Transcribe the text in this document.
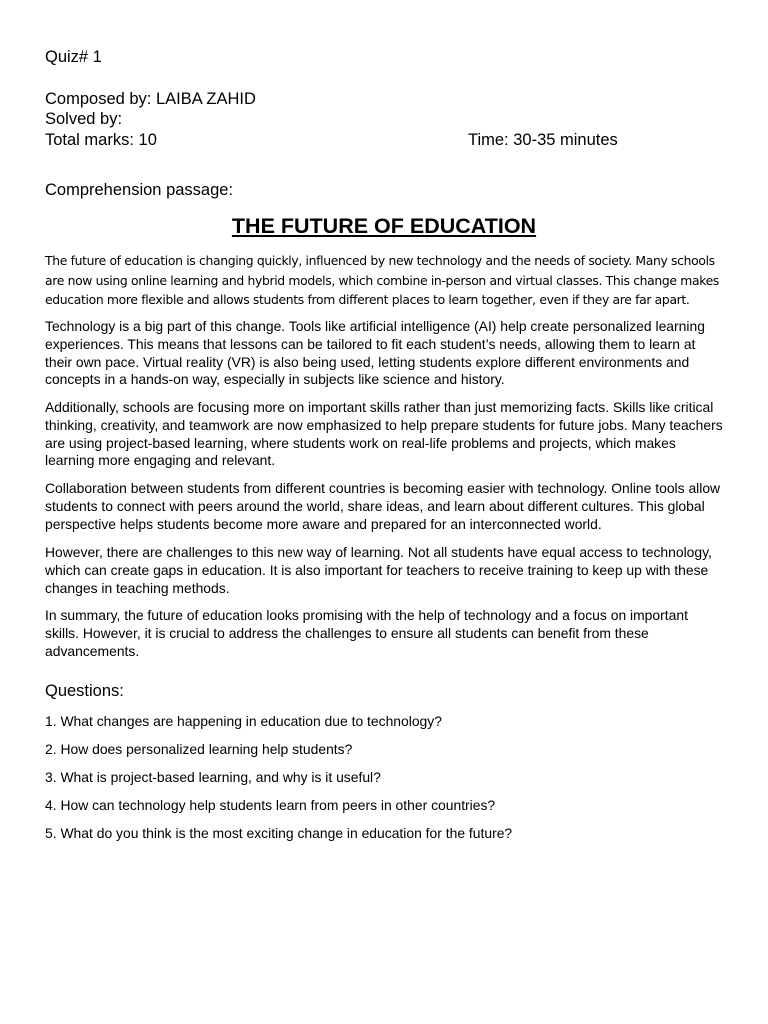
Quiz# 1
Composed by: LAIBA ZAHID
Solved by:
Total marks: 10	Time: 30-35 minutes
Comprehension passage:
THE FUTURE OF EDUCATION
The future of education is changing quickly, influenced by new technology and the needs of society. Many schools are now using online learning and hybrid models, which combine in-person and virtual classes. This change makes education more flexible and allows students from different places to learn together, even if they are far apart.
Technology is a big part of this change. Tools like artificial intelligence (AI) help create personalized learning experiences. This means that lessons can be tailored to fit each student’s needs, allowing them to learn at their own pace. Virtual reality (VR) is also being used, letting students explore different environments and concepts in a hands-on way, especially in subjects like science and history.
Additionally, schools are focusing more on important skills rather than just memorizing facts. Skills like critical thinking, creativity, and teamwork are now emphasized to help prepare students for future jobs. Many teachers are using project-based learning, where students work on real-life problems and projects, which makes learning more engaging and relevant.
Collaboration between students from different countries is becoming easier with technology. Online tools allow students to connect with peers around the world, share ideas, and learn about different cultures. This global perspective helps students become more aware and prepared for an interconnected world.
However, there are challenges to this new way of learning. Not all students have equal access to technology, which can create gaps in education. It is also important for teachers to receive training to keep up with these changes in teaching methods.
In summary, the future of education looks promising with the help of technology and a focus on important skills. However, it is crucial to address the challenges to ensure all students can benefit from these advancements.
Questions:
1. What changes are happening in education due to technology?
2. How does personalized learning help students?
3. What is project-based learning, and why is it useful?
4. How can technology help students learn from peers in other countries?
5. What do you think is the most exciting change in education for the future?
